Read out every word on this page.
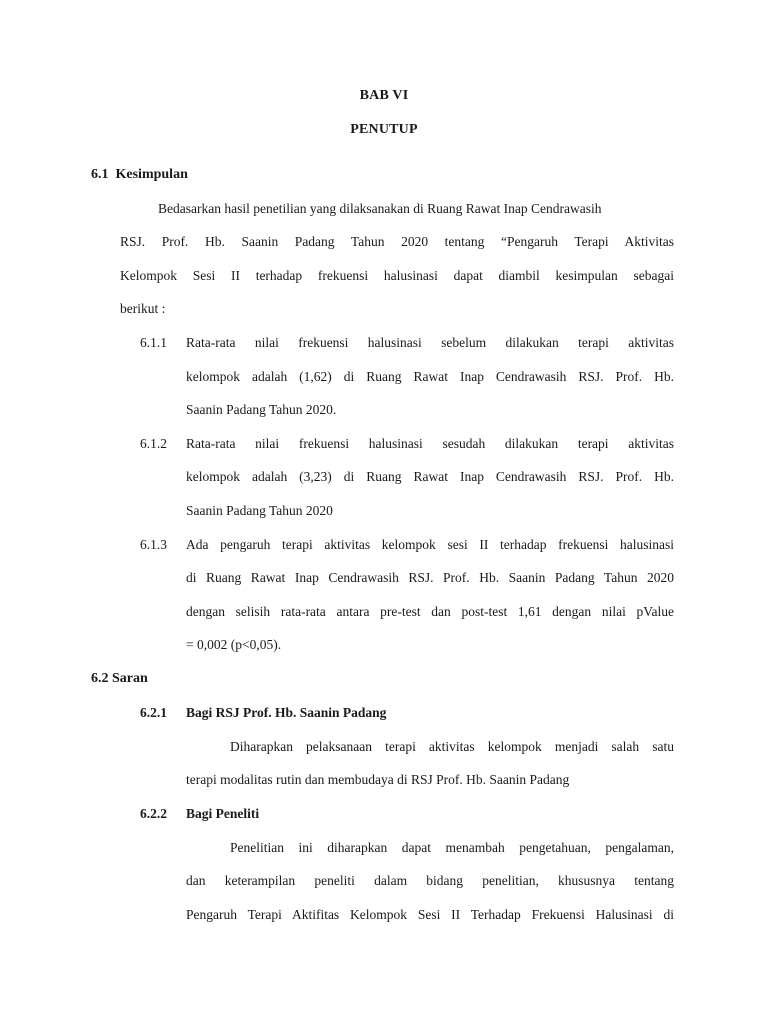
BAB VI
PENUTUP
6.1 Kesimpulan
Bedasarkan hasil penetilian yang dilaksanakan di Ruang Rawat Inap Cendrawasih
RSJ. Prof. Hb. Saanin Padang Tahun 2020 tentang “Pengaruh Terapi Aktivitas
Kelompok Sesi II terhadap frekuensi halusinasi dapat diambil kesimpulan sebagai
berikut :
6.1.1 Rata-rata nilai frekuensi halusinasi sebelum dilakukan terapi aktivitas
kelompok adalah (1,62) di Ruang Rawat Inap Cendrawasih RSJ. Prof. Hb.
Saanin Padang Tahun 2020.
6.1.2 Rata-rata nilai frekuensi halusinasi sesudah dilakukan terapi aktivitas
kelompok adalah (3,23) di Ruang Rawat Inap Cendrawasih RSJ. Prof. Hb.
Saanin Padang Tahun 2020
6.1.3 Ada pengaruh terapi aktivitas kelompok sesi II terhadap frekuensi halusinasi
di Ruang Rawat Inap Cendrawasih RSJ. Prof. Hb. Saanin Padang Tahun 2020
dengan selisih rata-rata antara pre-test dan post-test 1,61 dengan nilai pValue
= 0,002 (p<0,05).
6.2 Saran
6.2.1 Bagi RSJ Prof. Hb. Saanin Padang
Diharapkan pelaksanaan terapi aktivitas kelompok menjadi salah satu
terapi modalitas rutin dan membudaya di RSJ Prof. Hb. Saanin Padang
6.2.2 Bagi Peneliti
Penelitian ini diharapkan dapat menambah pengetahuan, pengalaman,
dan keterampilan peneliti dalam bidang penelitian, khususnya tentang
Pengaruh Terapi Aktifitas Kelompok Sesi II Terhadap Frekuensi Halusinasi di
